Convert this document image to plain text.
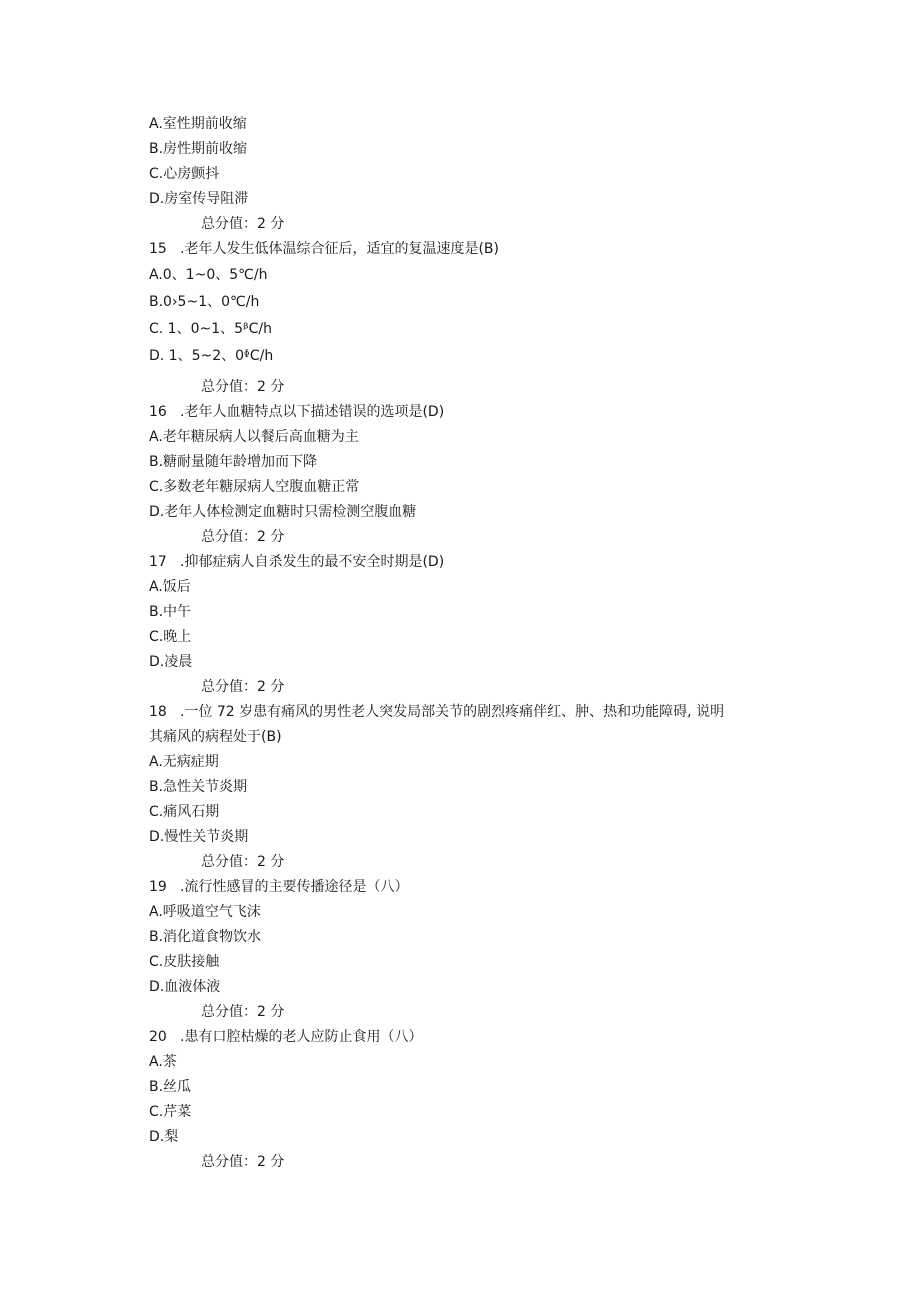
A.室性期前收缩
B.房性期前收缩
C.心房颤抖
D.房室传导阻滞
总分值：2 分
15 .老年人发生低体温综合征后，适宜的复温速度是(B)
A.0、1~0、5℃/h
B.0›5~1、0℃/h
C. 1、0~1、5ᵝC/h
D. 1、5~2、0ᶲC/h
总分值：2 分
16 .老年人血糖特点以下描述错误的选项是(D)
A.老年糖尿病人以餐后高血糖为主
B.糖耐量随年龄增加而下降
C.多数老年糖尿病人空腹血糖正常
D.老年人体检测定血糖时只需检测空腹血糖
总分值：2 分
17 .抑郁症病人自杀发生的最不安全时期是(D)
A.饭后
B.中午
C.晚上
D.凌晨
总分值：2 分
18 .一位 72 岁患有痛风的男性老人突发局部关节的剧烈疼痛伴红、肿、热和功能障碍, 说明
其痛风的病程处于(B)
A.无病症期
B.急性关节炎期
C.痛风石期
D.慢性关节炎期
总分值：2 分
19 .流行性感冒的主要传播途径是（八）
A.呼吸道空气飞沫
B.消化道食物饮水
C.皮肤接触
D.血液体液
总分值：2 分
20 .患有口腔枯燥的老人应防止食用（八）
A.茶
B.丝瓜
C.芹菜
D.梨
总分值：2 分
